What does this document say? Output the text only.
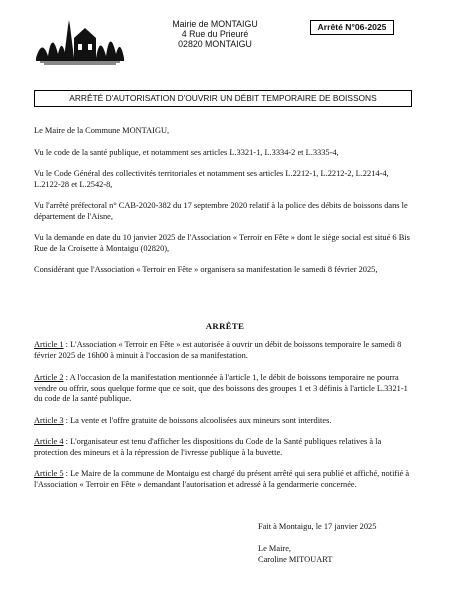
Mairie de MONTAIGU
4 Rue du Prieuré
02820 MONTAIGU
Arrêté N°06-2025
ARRÊTÉ D'AUTORISATION D'OUVRIR UN DÉBIT TEMPORAIRE DE BOISSONS
Le Maire de la Commune MONTAIGU,
Vu le code de la santé publique, et notamment ses articles L.3321-1, L.3334-2 et L.3335-4,
Vu le Code Général des collectivités territoriales et notamment ses articles L.2212-1, L.2212-2, L.2214-4, L.2122-28 et L.2542-8,
Vu l'arrêté préfectoral n° CAB-2020-382 du 17 septembre 2020 relatif à la police des débits de boissons dans le département de l'Aisne,
Vu la demande en date du 10 janvier 2025 de l'Association « Terroir en Fête » dont le siège social est situé 6 Bis Rue de la Croisette à Montaigu (02820),
Considérant que l'Association « Terroir en Fête » organisera sa manifestation le samedi 8 février 2025,
ARRÊTE
Article 1 : L'Association « Terroir en Fête » est autorisée à ouvrir un débit de boissons temporaire le samedi 8 février 2025 de 16h00 à minuit à l'occasion de sa manifestation.
Article 2 : A l'occasion de la manifestation mentionnée à l'article 1, le débit de boissons temporaire ne pourra vendre ou offrir, sous quelque forme que ce soit, que des boissons des groupes 1 et 3 définis à l'article L.3321-1 du code de la santé publique.
Article 3 : La vente et l'offre gratuite de boissons alcoolisées aux mineurs sont interdites.
Article 4 : L'organisateur est tenu d'afficher les dispositions du Code de la Santé publiques relatives à la protection des mineurs et à la répression de l'ivresse publique à la buvette.
Article 5 : Le Maire de la commune de Montaigu est chargé du présent arrêté qui sera publié et affiché, notifié à l'Association « Terroir en Fête » demandant l'autorisation et adressé à la gendarmerie concernée.
Fait à Montaigu, le 17 janvier 2025
Le Maire,
Caroline MITOUART
